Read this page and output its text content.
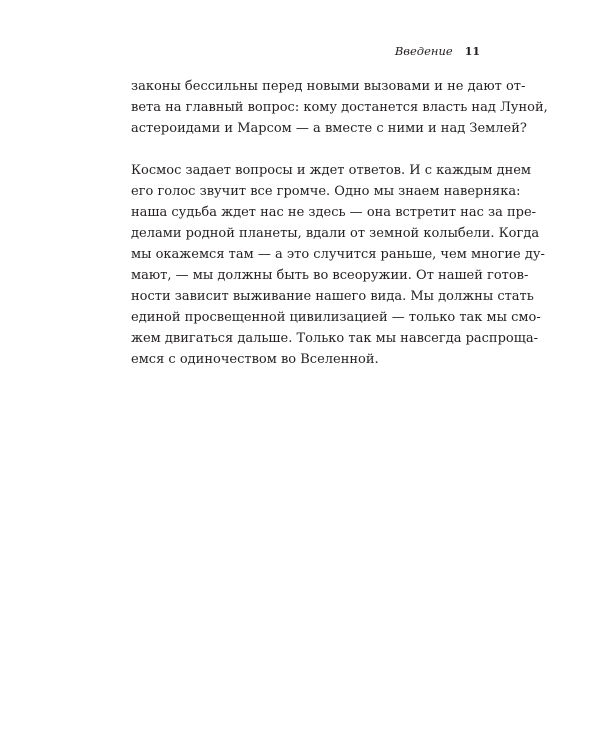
Введение 11

законы бессильны перед новыми вызовами и не дают от-
вета на главный вопрос: кому достанется власть над Луной,
астероидами и Марсом — а вместе с ними и над Землей?

Космос задает вопросы и ждет ответов. И с каждым днем
его голос звучит все громче. Одно мы знаем наверняка:
наша судьба ждет нас не здесь — она встретит нас за пре-
делами родной планеты, вдали от земной колыбели. Когда
мы окажемся там — а это случится раньше, чем многие ду-
мают, — мы должны быть во всеоружии. От нашей готов-
ности зависит выживание нашего вида. Мы должны стать
единой просвещенной цивилизацией — только так мы смо-
жем двигаться дальше. Только так мы навсегда распроща-
емся с одиночеством во Вселенной.
